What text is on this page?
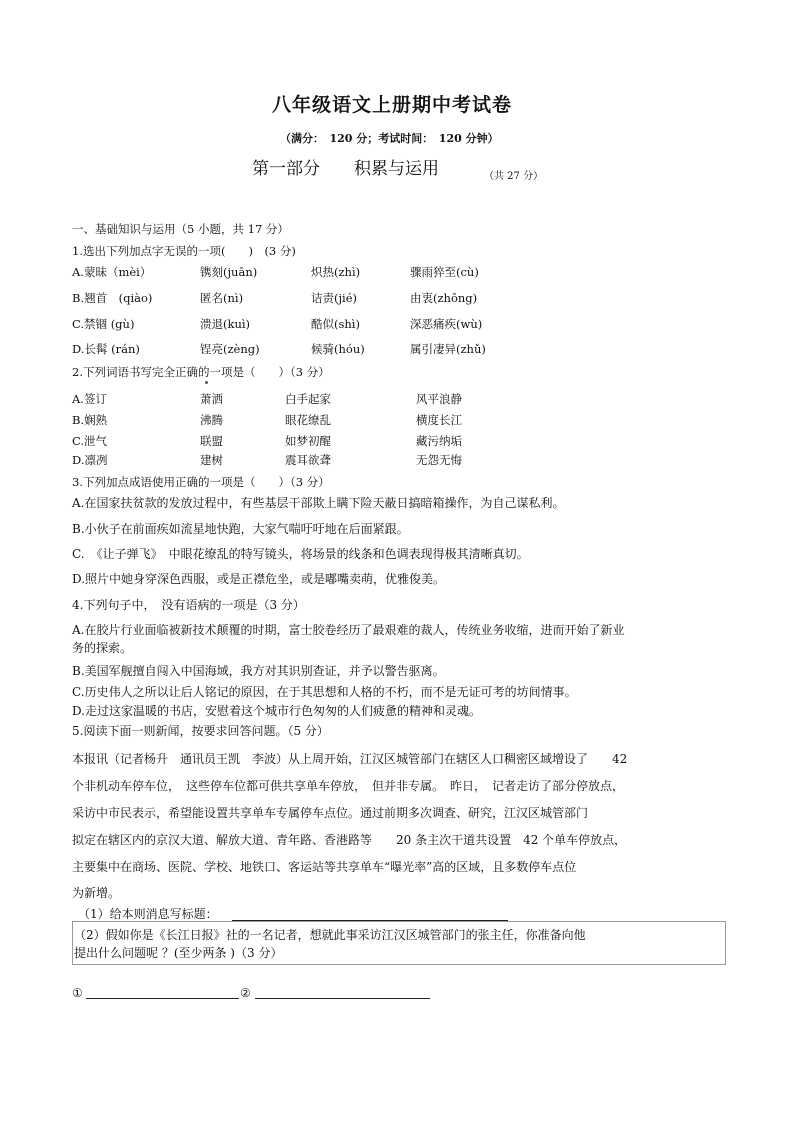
八年级语文上册期中考试卷
（满分：　120 分；考试时间：　120 分钟）
第一部分　　积累与运用	（共 27 分）
一、基础知识与运用（5 小题，共 17 分）
1.选出下列加点字无误的一项(　　)　(3 分)
A.蒙昧（mèi）	镌刻(juān)	炽热(zhì)	骤雨猝至(cù)
B.翘首　(qiào)	匿名(nì)	诘责(jié)	由衷(zhōng)
C.禁锢 (gù)	溃退(kuì)	酷似(shì)	深恶痛疾(wù)
D.长髯 (rán)	锃亮(zèng)	候骑(hóu)	属引凄异(zhǔ)
2.下列词语书写完全正确的一项是（　　）（3 分）
A.签订	萧洒	白手起家	风平浪静
B.娴熟	沸腾	眼花缭乱	横度长江
C.泄气	联盟	如梦初醒	藏污纳垢
D.凛冽	建树	震耳欲聋	无怨无悔
3.下列加点成语使用正确的一项是（　　）（3 分）
A.在国家扶贫款的发放过程中，有些基层干部欺上瞒下险天蔽日搞暗箱操作，为自己谋私利。
B.小伙子在前面疾如流星地快跑，大家气喘吁吁地在后面紧跟。
C.　《让子弹飞》　中眼花缭乱的特写镜头，将场景的线条和色调表现得极其清晰真切。
D.照片中她身穿深色西服，或是正襟危坐，或是嘟嘴卖萌，优雅俊美。
4.下列句子中，　没有语病的一项是（3 分）
A.在胶片行业面临被新技术颠覆的时期，富士胶卷经历了最艰难的裁人，传统业务收缩，进而开始了新业
务的探索。
B.美国军舰擅自闯入中国海域，我方对其识别查证，并予以警告驱离。
C.历史伟人之所以让后人铭记的原因，在于其思想和人格的不朽，而不是无证可考的坊间情事。
D.走过这家温暖的书店，安慰着这个城市行色匆匆的人们疲惫的精神和灵魂。
5.阅读下面一则新闻，按要求回答问题。（5 分）
本报讯（记者杨升　通讯员王凯　李波）从上周开始，江汉区城管部门在辖区人口稠密区域增设了　　42
个非机动车停车位，　这些停车位都可供共享单车停放，　但并非专属。　昨日，　记者走访了部分停放点，
采访中市民表示，希望能设置共享单车专属停车点位。通过前期多次调查、研究，江汉区城管部门
拟定在辖区内的京汉大道、解放大道、青年路、香港路等　　20 条主次干道共设置　42 个单车停放点，
主要集中在商场、医院、学校、地铁口、客运站等共享单车“曝光率”高的区域，且多数停车点位
为新增。
（1）给本则消息写标题：
（2）假如你是《长江日报》社的一名记者，想就此事采访江汉区城管部门的张主任，你准备向他
提出什么问题呢 ？(至少两条 )（3 分）
①	②
